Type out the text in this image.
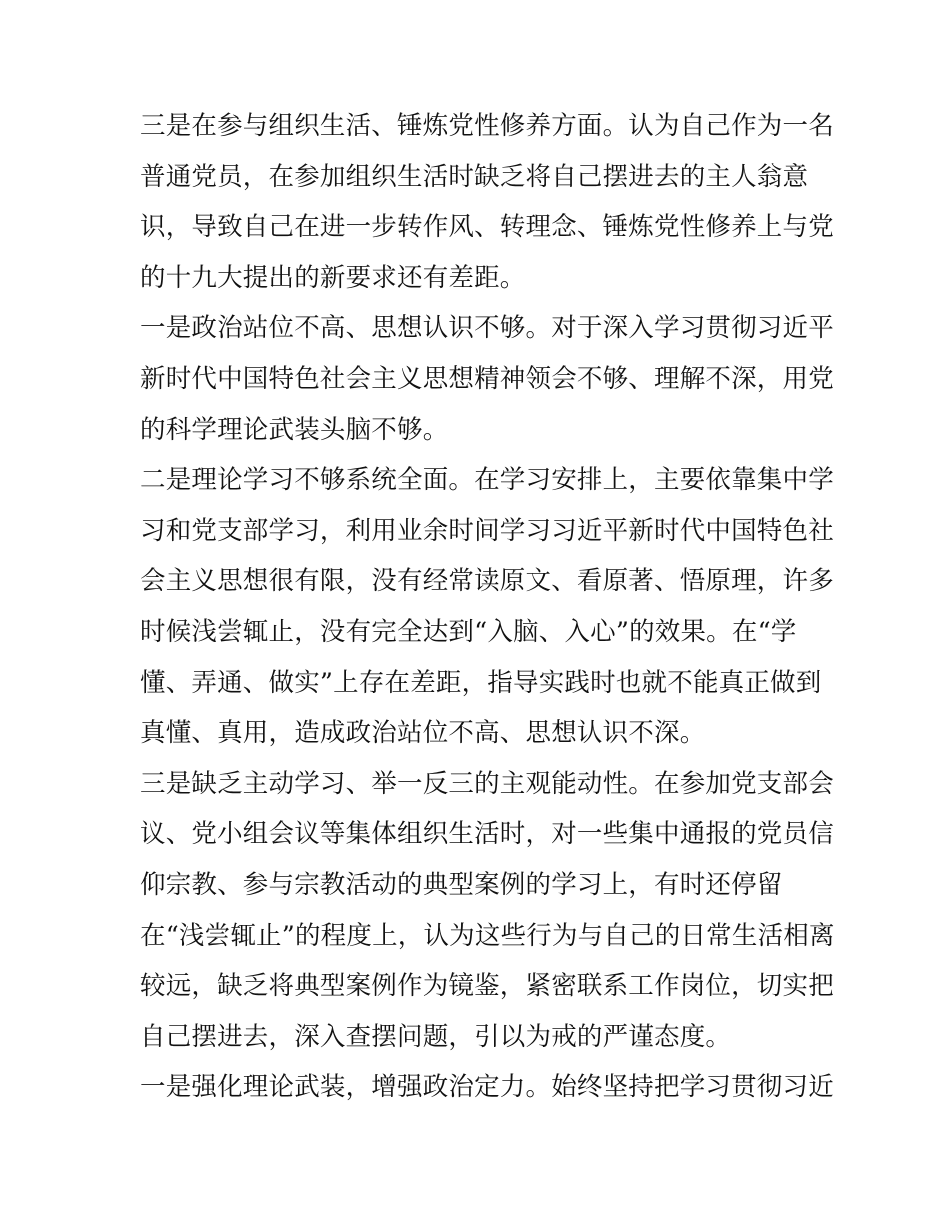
三是在参与组织生活、锤炼党性修养方面。认为自己作为一名
普通党员，在参加组织生活时缺乏将自己摆进去的主人翁意
识，导致自己在进一步转作风、转理念、锤炼党性修养上与党
的十九大提出的新要求还有差距。
一是政治站位不高、思想认识不够。对于深入学习贯彻习近平
新时代中国特色社会主义思想精神领会不够、理解不深，用党
的科学理论武装头脑不够。
二是理论学习不够系统全面。在学习安排上，主要依靠集中学
习和党支部学习，利用业余时间学习习近平新时代中国特色社
会主义思想很有限，没有经常读原文、看原著、悟原理，许多
时候浅尝辄止，没有完全达到“入脑、入心”的效果。在“学
懂、弄通、做实”上存在差距，指导实践时也就不能真正做到
真懂、真用，造成政治站位不高、思想认识不深。
三是缺乏主动学习、举一反三的主观能动性。在参加党支部会
议、党小组会议等集体组织生活时，对一些集中通报的党员信
仰宗教、参与宗教活动的典型案例的学习上，有时还停留
在“浅尝辄止”的程度上，认为这些行为与自己的日常生活相离
较远，缺乏将典型案例作为镜鉴，紧密联系工作岗位，切实把
自己摆进去，深入查摆问题，引以为戒的严谨态度。
一是强化理论武装，增强政治定力。始终坚持把学习贯彻习近
